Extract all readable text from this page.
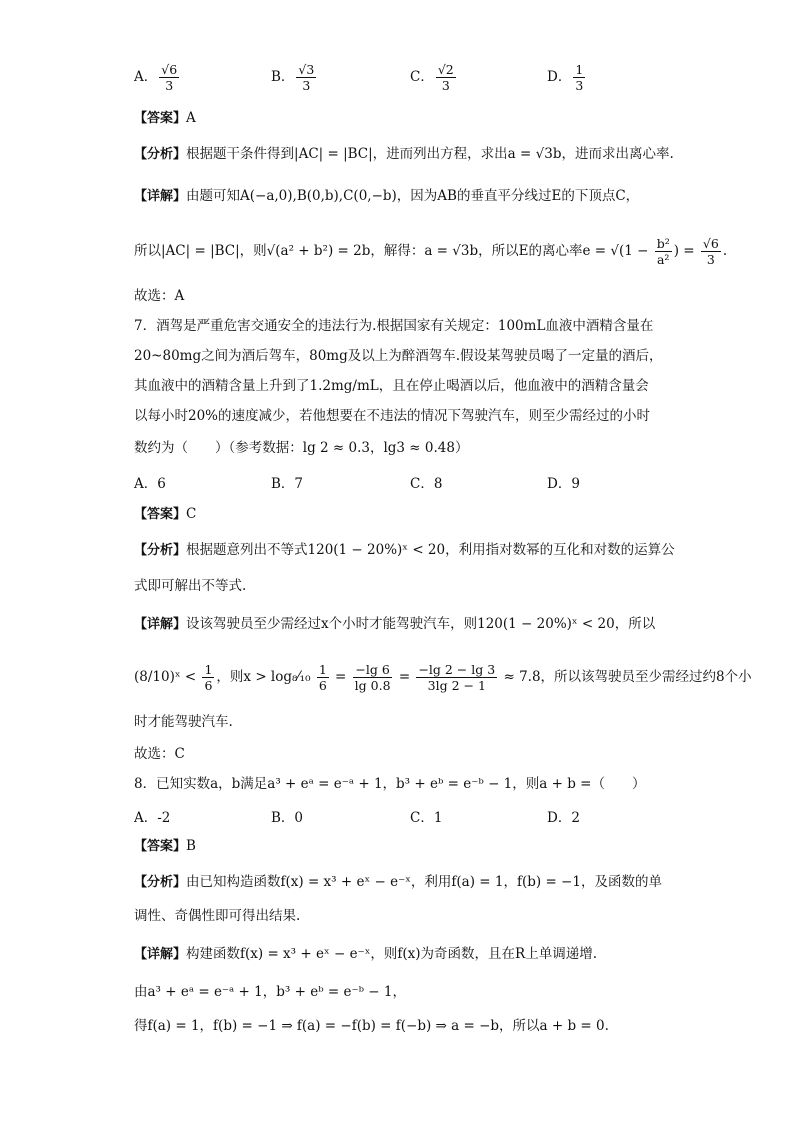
A． $\frac{√6}{3}$	B． $\frac{√3}{3}$	C． $\frac{√2}{3}$	D． $\frac{1}{3}$
【答案】A
【分析】根据题干条件得到|AC| = |BC|，进而列出方程，求出a = √3b，进而求出离心率.
【详解】由题可知A(−a,0),B(0,b),C(0,−b)，因为AB的垂直平分线过E的下顶点C，
所以|AC| = |BC|，则√(a² + b²) = 2b，解得：a = √3b，所以E的离心率$e = √(1 - \frac{\text{b²}}{\text{a²}}$ ) = $\frac{√6}{3}$ .
故选：A
7．酒驾是严重危害交通安全的违法行为.根据国家有关规定：100mL血液中酒精含量在
20~80mg之间为酒后驾车，80mg及以上为醉酒驾车.假设某驾驶员喝了一定量的酒后，
其血液中的酒精含量上升到了1.2mg/mL，且在停止喝酒以后，他血液中的酒精含量会
以每小时20%的速度减少，若他想要在不违法的情况下驾驶汽车，则至少需经过的小时
数约为（　　）（参考数据：lg 2 ≈ 0.3，lg3 ≈ 0.48）
A．6	B．7	C．8	D．9
【答案】C
【分析】根据题意列出不等式120(1 − 20%)ˣ < 20，利用指对数幂的互化和对数的运算公
式即可解出不等式.
【详解】设该驾驶员至少需经过x个小时才能驾驶汽车，则120(1 − 20%)ˣ < 20，所以
(8/10)ˣ < $\frac{1}{6}$ ，则x > log₈⁄₁₀ $\frac{1}{6} = \frac{-\lg 6}{\lg 0.8} = \frac{-\lg 2 - \lg 3}{3\lg 2 - 1} \approx 7.8$，所以该驾驶员至少需经过约8个小
时才能驾驶汽车.
故选：C
8．已知实数a，b满足a³ + eᵃ = e⁻ᵃ + 1，b³ + eᵇ = e⁻ᵇ − 1，则a + b =（　　）
A．-2	B．0	C．1	D．2
【答案】B
【分析】由已知构造函数f(x) = x³ + eˣ − e⁻ˣ，利用f(a) = 1，f(b) = −1，及函数的单
调性、奇偶性即可得出结果.
【详解】构建函数f(x) = x³ + eˣ − e⁻ˣ，则f(x)为奇函数，且在R上单调递增.
由a³ + eᵃ = e⁻ᵃ + 1，b³ + eᵇ = e⁻ᵇ − 1，
得f(a) = 1，f(b) = −1 ⇒ f(a) = −f(b) = f(−b) ⇒ a = −b，所以a + b = 0.
